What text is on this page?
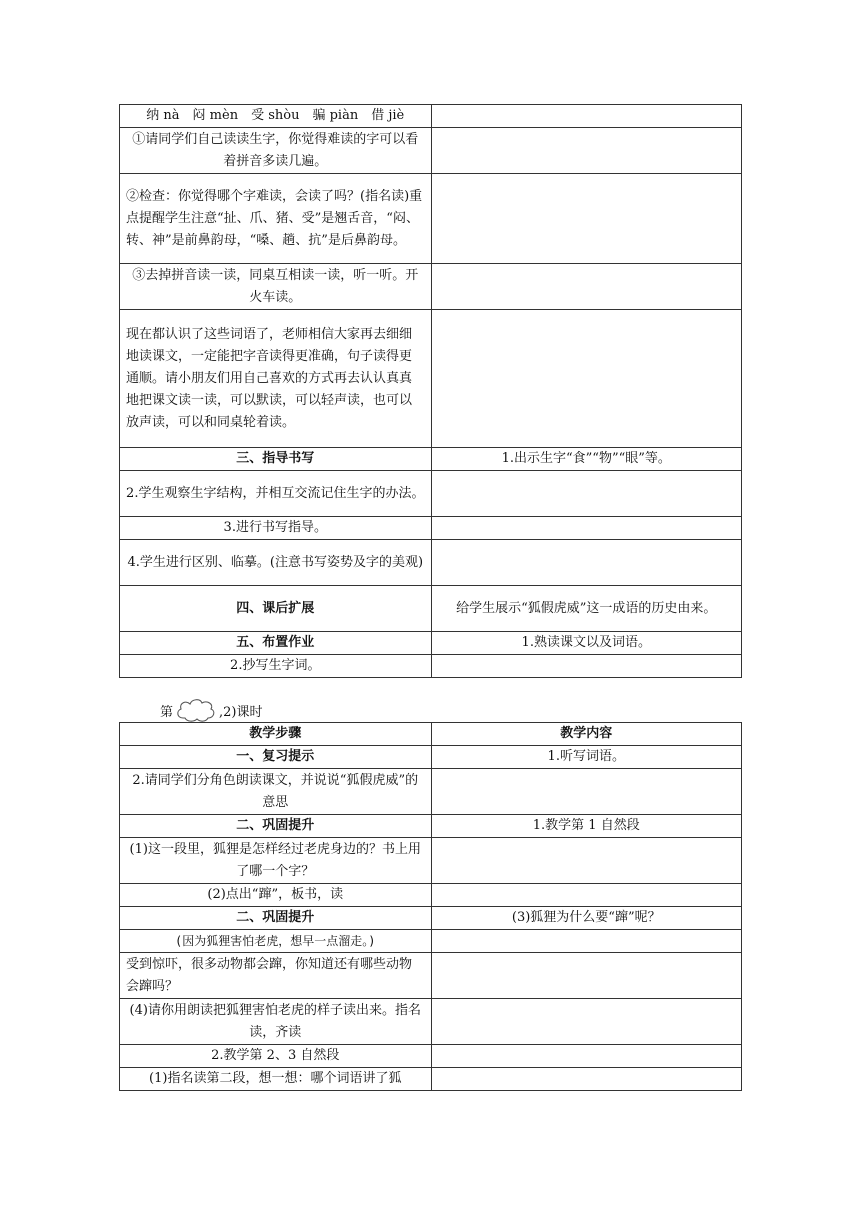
纳 nà　闷 mèn　受 shòu　骗 piàn　借 jiè	
①请同学们自己读读生字，你觉得难读的字可以看着拼音多读几遍。	
②检查：你觉得哪个字难读，会读了吗？(指名读)重点提醒学生注意“扯、爪、猪、受”是翘舌音，“闷、转、神”是前鼻韵母，“嗓、趟、抗”是后鼻韵母。	
③去掉拼音读一读，同桌互相读一读，听一听。开火车读。	
现在都认识了这些词语了，老师相信大家再去细细地读课文，一定能把字音读得更准确，句子读得更通顺。请小朋友们用自己喜欢的方式再去认认真真地把课文读一读，可以默读，可以轻声读，也可以放声读，可以和同桌轮着读。	
三、指导书写	1.出示生字“食”“物”“眼”等。
2.学生观察生字结构，并相互交流记住生字的办法。	
3.进行书写指导。	
4.学生进行区别、临摹。(注意书写姿势及字的美观)	
四、课后扩展	给学生展示“狐假虎威”这一成语的历史由来。
五、布置作业	1.熟读课文以及词语。
2.抄写生字词。	
第	,2)课时
教学步骤	教学内容
一、复习提示	1.听写词语。
2.请同学们分角色朗读课文，并说说“狐假虎威”的意思	
二、巩固提升	1.教学第 1 自然段
(1)这一段里，狐狸是怎样经过老虎身边的？书上用了哪一个字？	
(2)点出“蹿”，板书，读	
二、巩固提升	(3)狐狸为什么要“蹿”呢？
(因为狐狸害怕老虎，想早一点溜走。)	
受到惊吓，很多动物都会蹿，你知道还有哪些动物会蹿吗？	
(4)请你用朗读把狐狸害怕老虎的样子读出来。指名读，齐读	
2.教学第 2、3 自然段	
(1)指名读第二段，想一想：哪个词语讲了狐	
